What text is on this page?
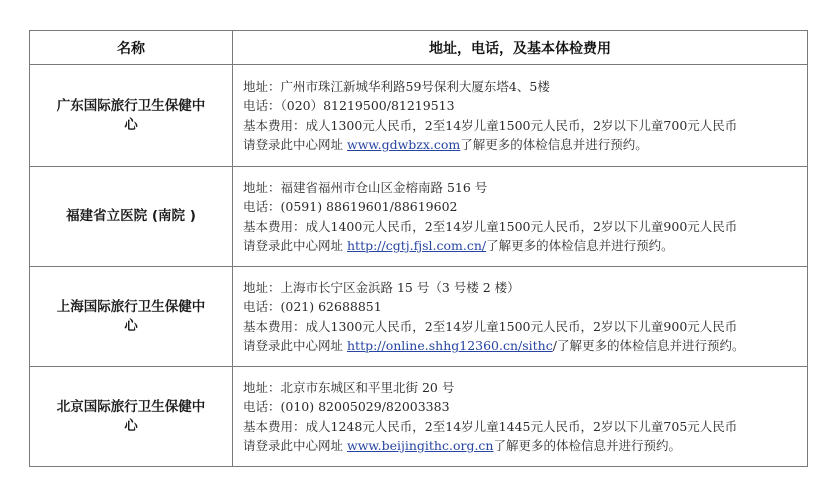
名称	地址，电话，及基本体检费用
广东国际旅行卫生保健中心	地址：广州市珠江新城华利路59号保利大厦东塔4、5楼
电话：（020）81219500/81219513
基本费用：成人1300元人民币，2至14岁儿童1500元人民币，2岁以下儿童700元人民币
请登录此中心网址 www.gdwbzx.com了解更多的体检信息并进行预约。

福建省立医院 (南院 )	地址：福建省福州市仓山区金榕南路 516 号
电话：(0591) 88619601/88619602
基本费用：成人1400元人民币，2至14岁儿童1500元人民币，2岁以下儿童900元人民币
请登录此中心网址 http://cgtj.fjsl.com.cn/了解更多的体检信息并进行预约。

上海国际旅行卫生保健中心	地址：上海市长宁区金浜路 15 号（3 号楼 2 楼）
电话：(021) 62688851
基本费用：成人1300元人民币，2至14岁儿童1500元人民币，2岁以下儿童900元人民币
请登录此中心网址 http://online.shhg12360.cn/sithc/了解更多的体检信息并进行预约。

北京国际旅行卫生保健中心	地址：北京市东城区和平里北街 20 号
电话：(010) 82005029/82003383
基本费用：成人1248元人民币，2至14岁儿童1445元人民币，2岁以下儿童705元人民币
请登录此中心网址 www.beijingithc.org.cn了解更多的体检信息并进行预约。
